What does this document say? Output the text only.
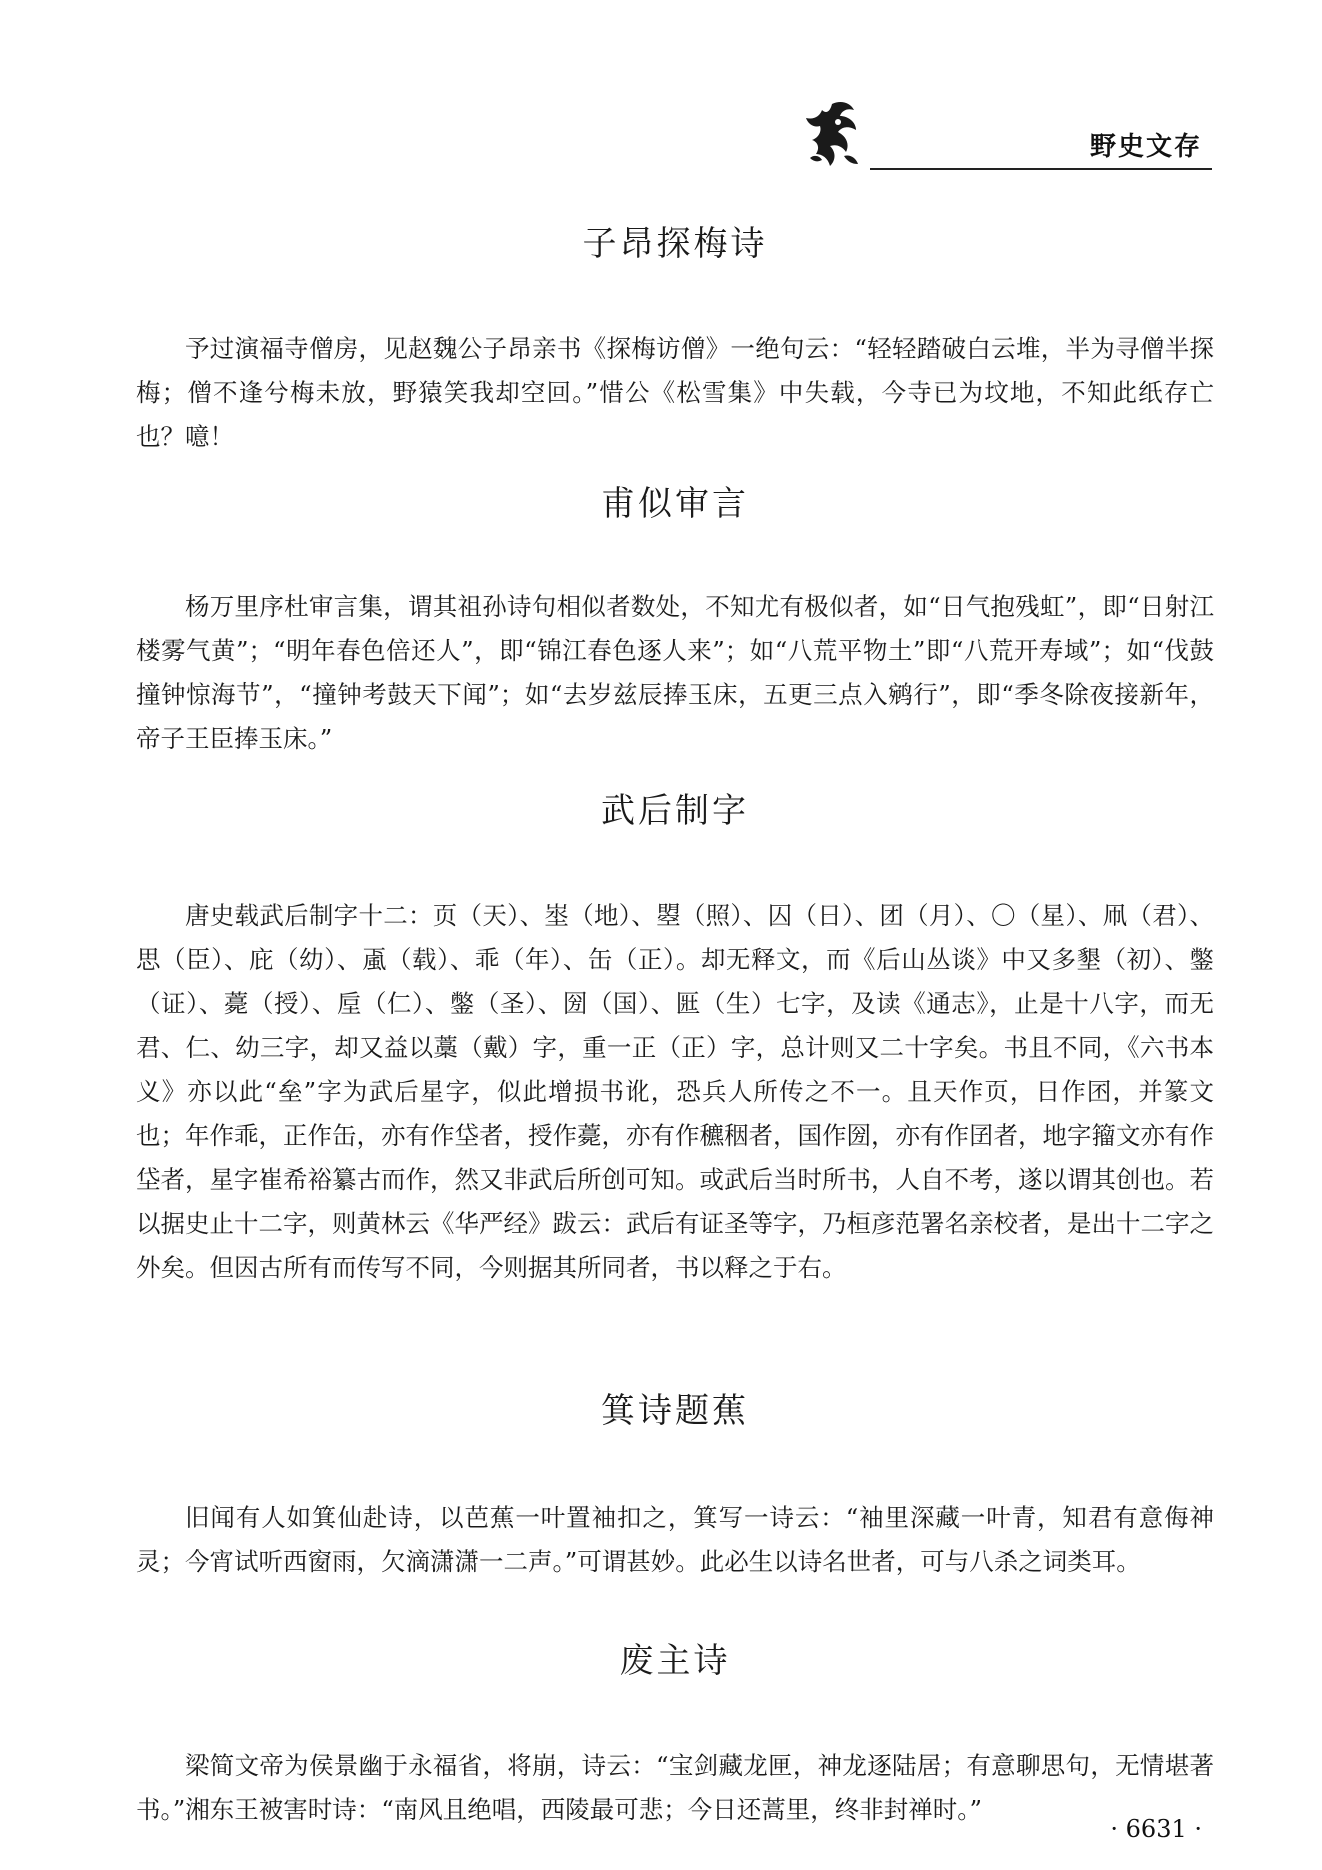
野史文存
子昂探梅诗

予过演福寺僧房，见赵魏公子昂亲书《探梅访僧》一绝句云：“轻轻踏破白云堆，半为寻僧半探梅；僧不逢兮梅未放，野猿笑我却空回。”惜公《松雪集》中失载，今寺已为坟地，不知此纸存亡也？噫！

甫似审言

杨万里序杜审言集，谓其祖孙诗句相似者数处，不知尤有极似者，如“日气抱残虹”，即“日射江楼雾气黄”；“明年春色倍还人”，即“锦江春色逐人来”；如“八荒平物土”即“八荒开寿域”；如“伐鼓撞钟惊海节”，“撞钟考鼓天下闻”；如“去岁兹辰捧玉床，五更三点入鹓行”，即“季冬除夜接新年，帝子王臣捧玉床。”

武后制字

唐史载武后制字十二：页（天）、埊（地）、曌（照）、囚（日）、团（月）、〇（星）、凧（君）、思（臣）、庇（幼）、颪（载）、乖（年）、缶（正）。却无释文，而《后山丛谈》中又多墾（初）、鐅（证）、薧（授）、垕（仁）、鐅（圣）、圀（国）、匨（生）七字，及读《通志》，止是十八字，而无君、仁、幼三字，却又益以藁（戴）字，重一正（正）字，总计则又二十字矣。书且不同，《六书本义》亦以此“垒”字为武后星字，似此增损书讹，恐兵人所传之不一。且天作页，日作囨，并篆文也；年作乖，正作缶，亦有作垈者，授作薧，亦有作穮秵者，国作圀，亦有作囝者，地字籀文亦有作垈者，星字崔希裕纂古而作，然又非武后所创可知。或武后当时所书，人自不考，遂以谓其创也。若以据史止十二字，则黄林云《华严经》跋云：武后有证圣等字，乃桓彦范署名亲校者，是出十二字之外矣。但因古所有而传写不同，今则据其所同者，书以释之于右。

箕诗题蕉

旧闻有人如箕仙赴诗，以芭蕉一叶置袖扣之，箕写一诗云：“袖里深藏一叶青，知君有意侮神灵；今宵试听西窗雨，欠滴潇潇一二声。”可谓甚妙。此必生以诗名世者，可与八杀之词类耳。

废主诗

梁简文帝为侯景幽于永福省，将崩，诗云：“宝剑藏龙匣，神龙逐陆居；有意聊思句，无情堪著书。”湘东王被害时诗：“南风且绝唱，西陵最可悲；今日还蒿里，终非封禅时。”

· 6631 ·
